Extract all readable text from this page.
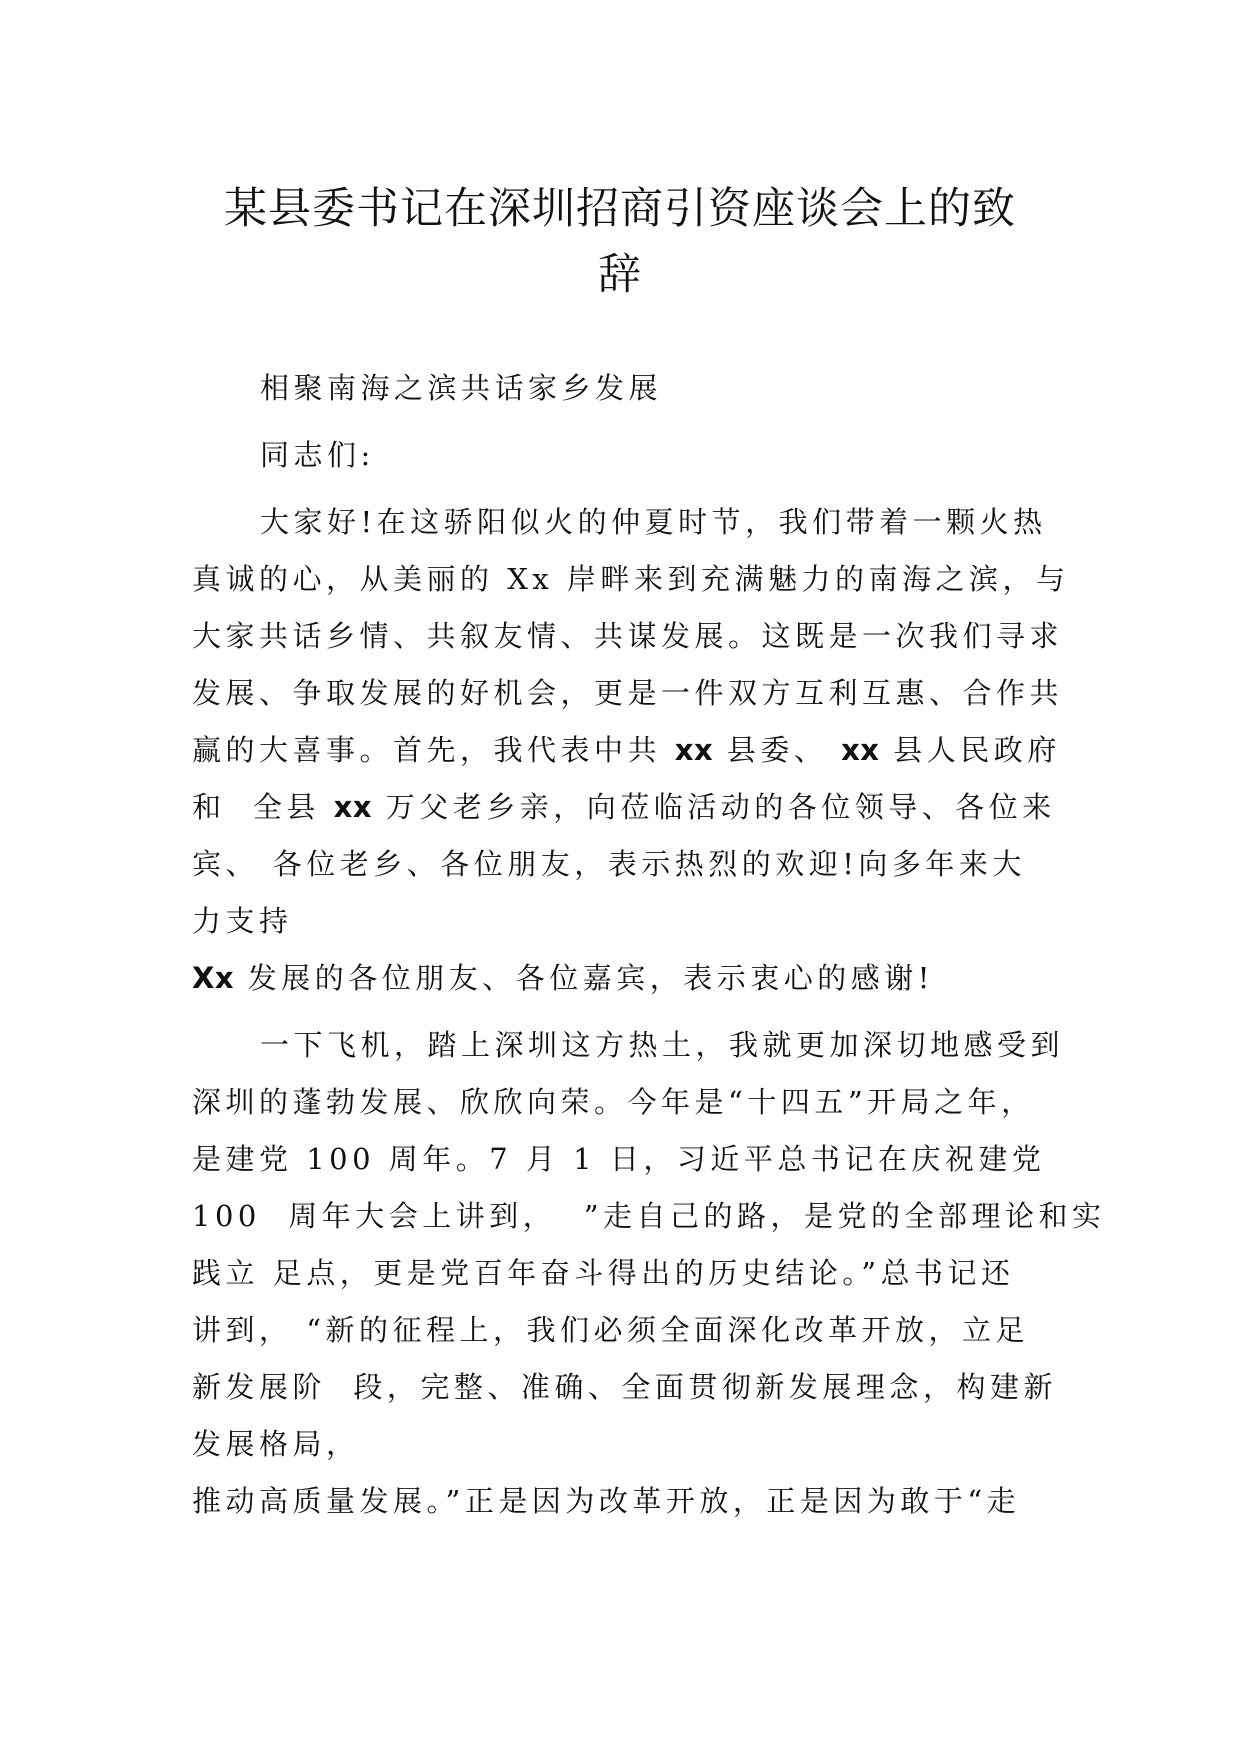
某县委书记在深圳招商引资座谈会上的致
辞
相聚南海之滨共话家乡发展
同志们:
大家好!在这骄阳似火的仲夏时节，我们带着一颗火热
真诚的心，从美丽的 Xx 岸畔来到充满魅力的南海之滨，与
大家共话乡情、共叙友情、共谋发展。这既是一次我们寻求
发展、争取发展的好机会，更是一件双方互利互惠、合作共
赢的大喜事。首先，我代表中共 xx 县委、 xx 县人民政府
和  全县 xx 万父老乡亲，向莅临活动的各位领导、各位来
宾、 各位老乡、各位朋友，表示热烈的欢迎!向多年来大
力支持
Xx 发展的各位朋友、各位嘉宾，表示衷心的感谢!
一下飞机，踏上深圳这方热土，我就更加深切地感受到
深圳的蓬勃发展、欣欣向荣。今年是“十四五”开局之年，
是建党 100 周年。7 月 1 日，习近平总书记在庆祝建党
100  周年大会上讲到，  ”走自己的路，是党的全部理论和实
践立 足点，更是党百年奋斗得出的历史结论。”总书记还
讲到， “新的征程上，我们必须全面深化改革开放，立足
新发展阶  段，完整、准确、全面贯彻新发展理念，构建新
发展格局，
推动高质量发展。”正是因为改革开放，正是因为敢于“走
